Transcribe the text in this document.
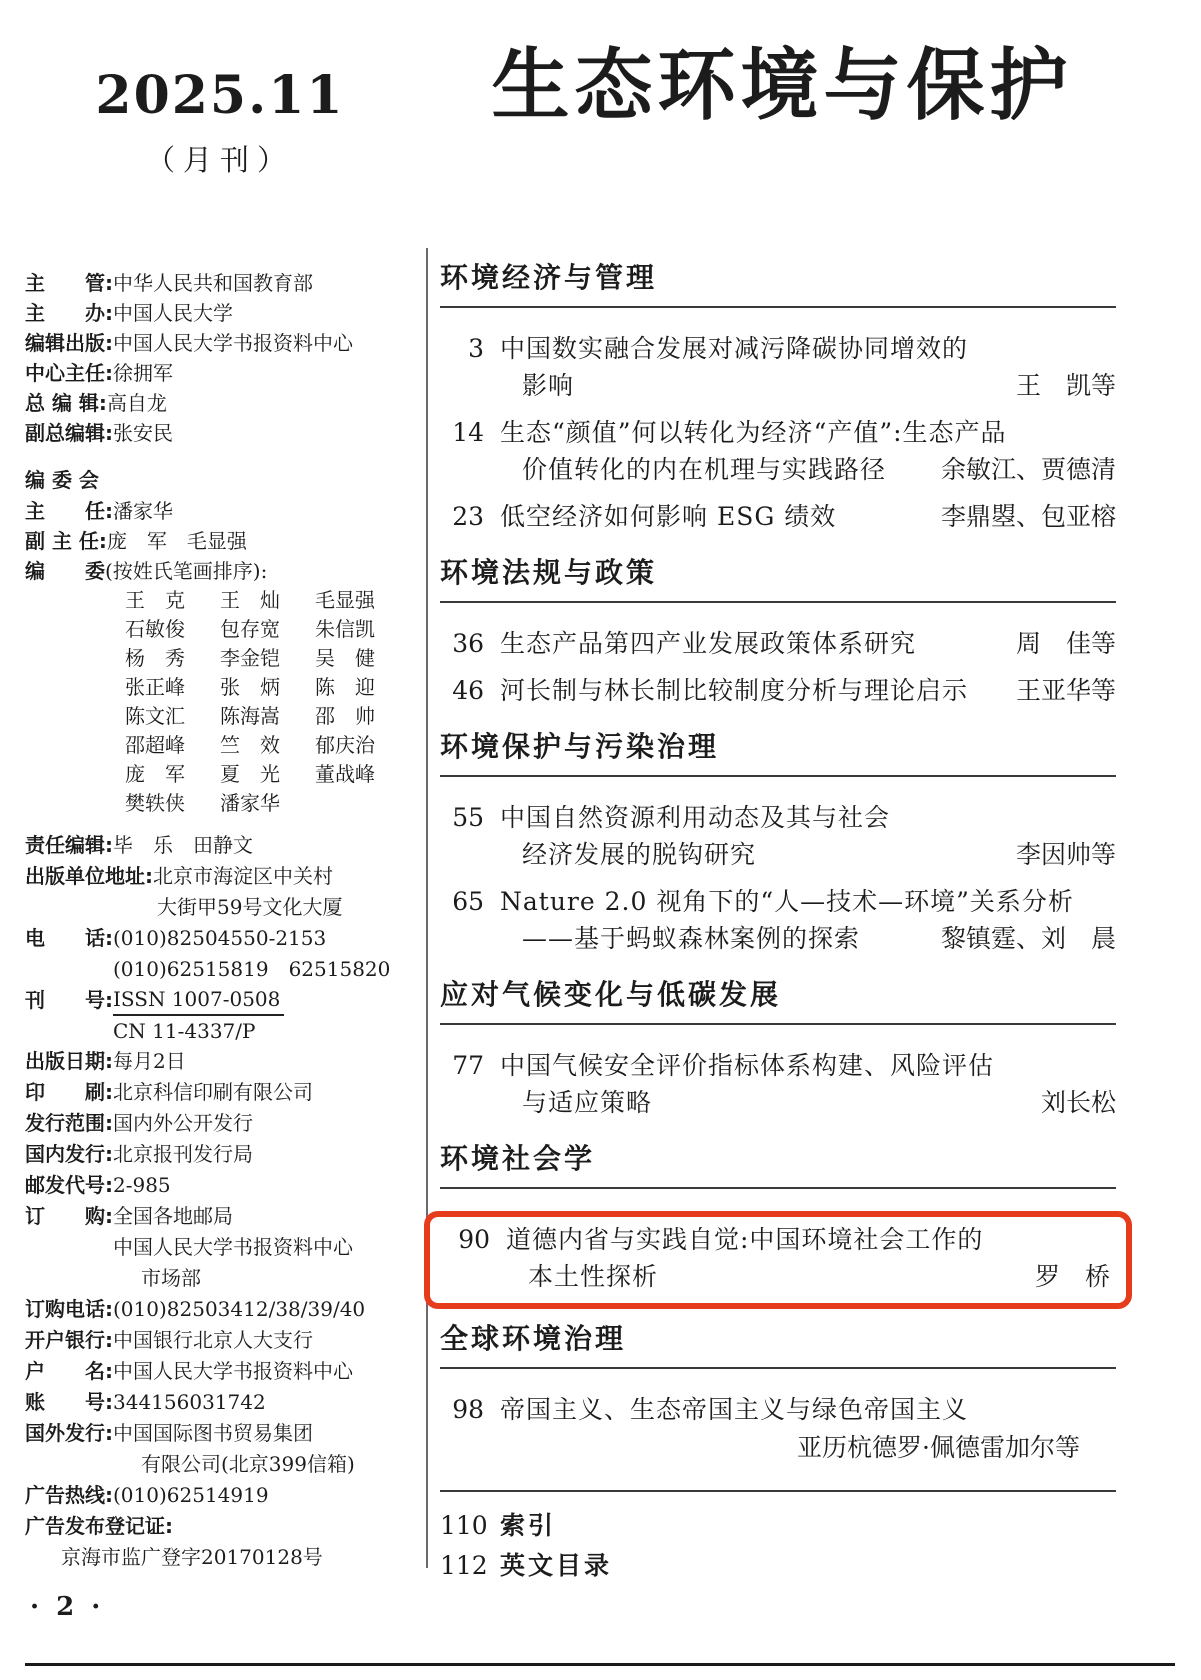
2025.11
（月刊）
生态环境与保护
主　　管: 中华人民共和国教育部
主　　办: 中国人民大学
编辑出版: 中国人民大学书报资料中心
中心主任: 徐拥军
总 编 辑: 高自龙
副总编辑: 张安民
编 委 会
主　　任: 潘家华
副 主 任: 庞　军　毛显强
编　　委 (按姓氏笔画排序):
王　克	王　灿	毛显强
石敏俊	包存宽	朱信凯
杨　秀	李金铠	吴　健
张正峰	张　炳	陈　迎
陈文汇	陈海嵩	邵　帅
邵超峰	竺　效	郁庆治
庞　军	夏　光	董战峰
樊轶侠	潘家华
责任编辑: 毕　乐　田静文
出版单位地址: 北京市海淀区中关村
大街甲59号文化大厦
电　　话: (010)82504550-2153
(010)62515819　62515820
刊　　号: $\frac{\text{ISSN 1007-0508}}{CN 11-4337/P}$
出版日期: 每月2日
印　　刷: 北京科信印刷有限公司
发行范围: 国内外公开发行
国内发行: 北京报刊发行局
邮发代号: 2-985
订　　购: 全国各地邮局
中国人民大学书报资料中心
市场部
订购电话: (010)82503412/38/39/40
开户银行: 中国银行北京人大支行
户　　名: 中国人民大学书报资料中心
账　　号: 344156031742
国外发行: 中国国际图书贸易集团
有限公司(北京399信箱)
广告热线: (010)62514919
广告发布登记证:
京海市监广登字20170128号
环境经济与管理
3 中国数实融合发展对减污降碳协同增效的
影响	王　凯等
14 生态“颜值”何以转化为经济“产值”:生态产品
价值转化的内在机理与实践路径	余敏江、贾德清
23 低空经济如何影响 ESG 绩效	李鼎曌、包亚榕
环境法规与政策
36 生态产品第四产业发展政策体系研究	周　佳等
46 河长制与林长制比较制度分析与理论启示	王亚华等
环境保护与污染治理
55 中国自然资源利用动态及其与社会
经济发展的脱钩研究	李因帅等
65 Nature 2.0 视角下的“人—技术—环境”关系分析
——基于蚂蚁森林案例的探索	黎镇霆、刘　晨
应对气候变化与低碳发展
77 中国气候安全评价指标体系构建、风险评估
与适应策略	刘长松
环境社会学
90 道德内省与实践自觉:中国环境社会工作的
本土性探析	罗　桥
全球环境治理
98 帝国主义、生态帝国主义与绿色帝国主义
亚历杭德罗·佩德雷加尔等
110 索引
112 英文目录
· 2 ·
